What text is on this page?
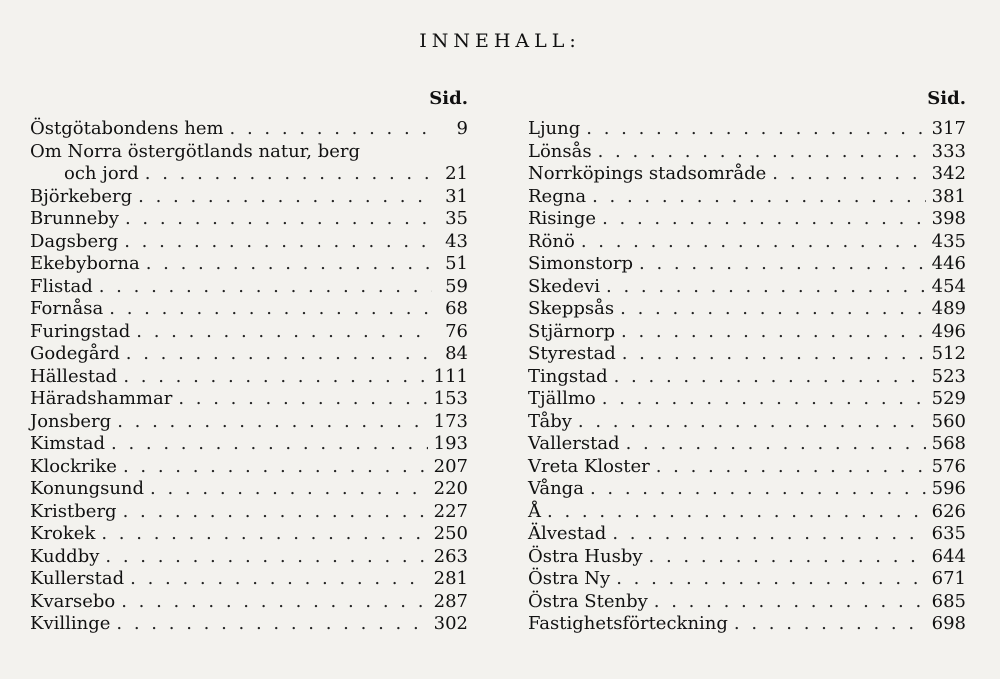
INNEHALL:
Sid.
Östgötabondens hem . . .	9
Om Norra östergötlands natur, berg
och jord . . .	21
Björkeberg . . .	31
Brunneby . . .	35
Dagsberg . . .	43
Ekebyborna . . .	51
Flistad . . .	59
Fornåsa . . .	68
Furingstad . . .	76
Godegård . . .	84
Hällestad . . .	111
Häradshammar . . .	153
Jonsberg . . .	173
Kimstad . . .	193
Klockrike . . .	207
Konungsund . . .	220
Kristberg . . .	227
Krokek . . .	250
Kuddby . . .	263
Kullerstad . . .	281
Kvarsebo . . .	287
Kvillinge . . .	302
Sid.
Ljung . . .	317
Lönsås . . .	333
Norrköpings stadsområde . . .	342
Regna . . .	381
Risinge . . .	398
Rönö . . .	435
Simonstorp . . .	446
Skedevi . . .	454
Skeppsås . . .	489
Stjärnorp . . .	496
Styrestad . . .	512
Tingstad . . .	523
Tjällmo . . .	529
Tåby . . .	560
Vallerstad . . .	568
Vreta Kloster . . .	576
Vånga . . .	596
Å . . .	626
Älvestad . . .	635
Östra Husby . . .	644
Östra Ny . . .	671
Östra Stenby . . .	685
Fastighetsförteckning . . .	698
